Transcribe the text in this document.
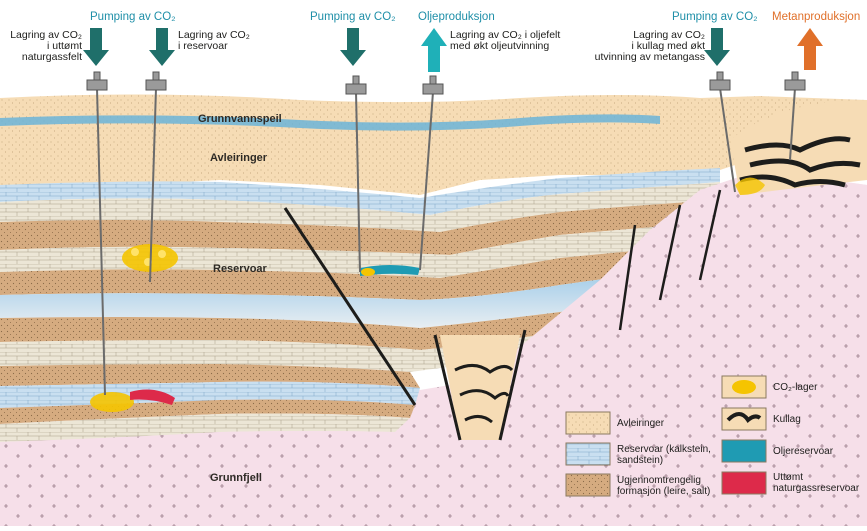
Pumping av CO₂	Pumping av CO₂ Oljeproduksjon	Pumping av CO₂ Metanproduksjon
Lagring av CO₂
i uttømt
naturgassfelt
Lagring av CO₂
i reservoar
Lagring av CO₂ i oljefelt
med økt oljeutvinning
Lagring av CO₂
i kullag med økt
utvinning av metangass
Grunnvannspeil
Avleiringer
Reservoar
Grunnfjell
Avleiringer
Reservoar (kalkstein, sandstein)
Ugjennomtrengelig formasjon (leire, salt)
CO₂-lager
Kullag
Oljereservoar
Uttømt naturgassreservoar
